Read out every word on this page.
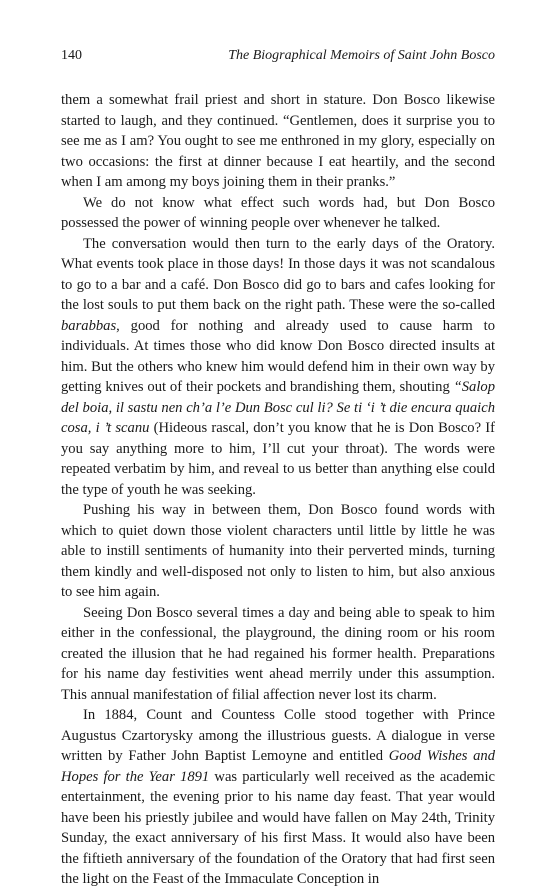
140	The Biographical Memoirs of Saint John Bosco

them a somewhat frail priest and short in stature. Don Bosco likewise started to laugh, and they continued. “Gentlemen, does it surprise you to see me as I am? You ought to see me enthroned in my glory, especially on two occasions: the first at dinner because I eat heartily, and the second when I am among my boys joining them in their pranks.”

We do not know what effect such words had, but Don Bosco possessed the power of winning people over whenever he talked.

The conversation would then turn to the early days of the Oratory. What events took place in those days! In those days it was not scandalous to go to a bar and a café. Don Bosco did go to bars and cafes looking for the lost souls to put them back on the right path. These were the so-called barabbas, good for nothing and already used to cause harm to individuals. At times those who did know Don Bosco directed insults at him. But the others who knew him would defend him in their own way by getting knives out of their pockets and brandishing them, shouting “Salop del boia, il sastu nen ch’a l’e Dun Bosc cul li? Se ti ‘i ’t die encura quaich cosa, i ’t scanu (Hideous rascal, don’t you know that he is Don Bosco? If you say anything more to him, I’ll cut your throat). The words were repeated verbatim by him, and reveal to us better than anything else could the type of youth he was seeking.

Pushing his way in between them, Don Bosco found words with which to quiet down those violent characters until little by little he was able to instill sentiments of humanity into their perverted minds, turning them kindly and well-disposed not only to listen to him, but also anxious to see him again.

Seeing Don Bosco several times a day and being able to speak to him either in the confessional, the playground, the dining room or his room created the illusion that he had regained his former health. Preparations for his name day festivities went ahead merrily under this assumption. This annual manifestation of filial affection never lost its charm.

In 1884, Count and Countess Colle stood together with Prince Augustus Czartorysky among the illustrious guests. A dialogue in verse written by Father John Baptist Lemoyne and entitled Good Wishes and Hopes for the Year 1891 was particularly well received as the academic entertainment, the evening prior to his name day feast. That year would have been his priestly jubilee and would have fallen on May 24th, Trinity Sunday, the exact anniversary of his first Mass. It would also have been the fiftieth anniversary of the foundation of the Oratory that had first seen the light on the Feast of the Immaculate Conception in
